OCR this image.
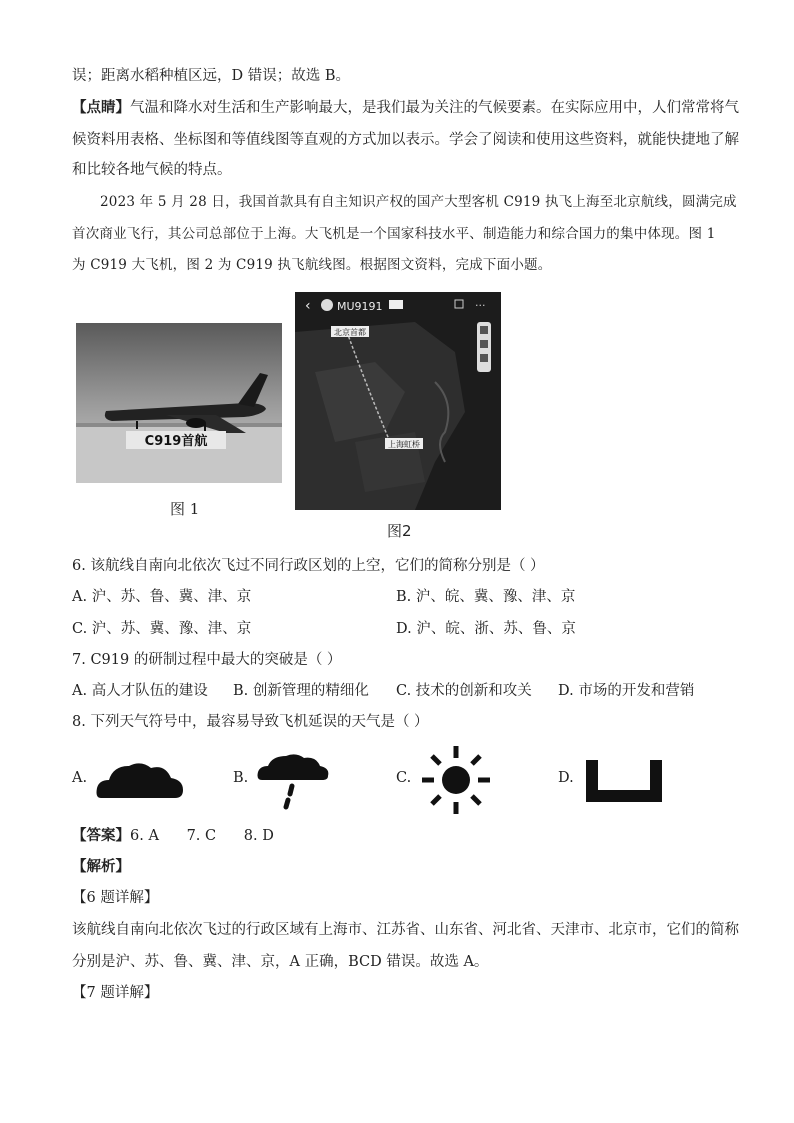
误；距离水稻种植区远，D 错误；故选 B。
【点睛】气温和降水对生活和生产影响最大，是我们最为关注的气候要素。在实际应用中，人们常常将气
候资料用表格、坐标图和等值线图等直观的方式加以表示。学会了阅读和使用这些资料，就能快捷地了解
和比较各地气候的特点。
2023 年 5 月 28 日，我国首款具有自主知识产权的国产大型客机 C919 执飞上海至北京航线，圆满完成
首次商业飞行，其公司总部位于上海。大飞机是一个国家科技水平、制造能力和综合国力的集中体现。图 1
为 C919 大飞机，图 2 为 C919 执飞航线图。根据图文资料，完成下面小题。
C919首航
图 1
‹ MU9191	···
北京首都
上海虹桥
图2
6. 该航线自南向北依次飞过不同行政区划的上空，它们的简称分别是（ ）
A. 沪、苏、鲁、冀、津、京	B. 沪、皖、冀、豫、津、京
C. 沪、苏、冀、豫、津、京	D. 沪、皖、浙、苏、鲁、京
7. C919 的研制过程中最大的突破是（ ）
A. 高人才队伍的建设 B. 创新管理的精细化 C. 技术的创新和攻关 D. 市场的开发和营销
8. 下列天气符号中，最容易导致飞机延误的天气是（ ）
A.	B.	C.	D.
【答案】6. A      7. C      8. D
【解析】
【6 题详解】
该航线自南向北依次飞过的行政区域有上海市、江苏省、山东省、河北省、天津市、北京市，它们的简称
分别是沪、苏、鲁、冀、津、京，A 正确，BCD 错误。故选 A。
【7 题详解】
